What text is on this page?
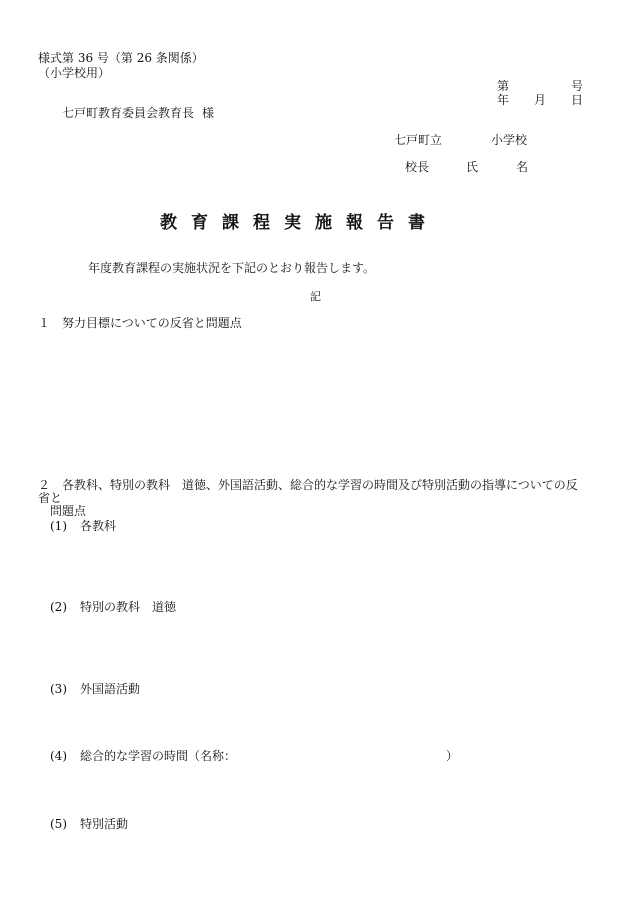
様式第 36 号（第 26 条関係）
（小学校用）
第	号
年 月 日
七戸町教育委員会教育長 様
七戸町立	小学校
校長	氏	名
教育課程実施報告書
年度教育課程の実施状況を下記のとおり報告します。
記
１ 努力目標についての反省と問題点
２ 各教科、特別の教科　道徳、外国語活動、総合的な学習の時間及び特別活動の指導についての反
省と
問題点
(1) 各教科
(2) 特別の教科　道徳
(3) 外国語活動
(4) 総合的な学習の時間（名称：	）
(5) 特別活動
